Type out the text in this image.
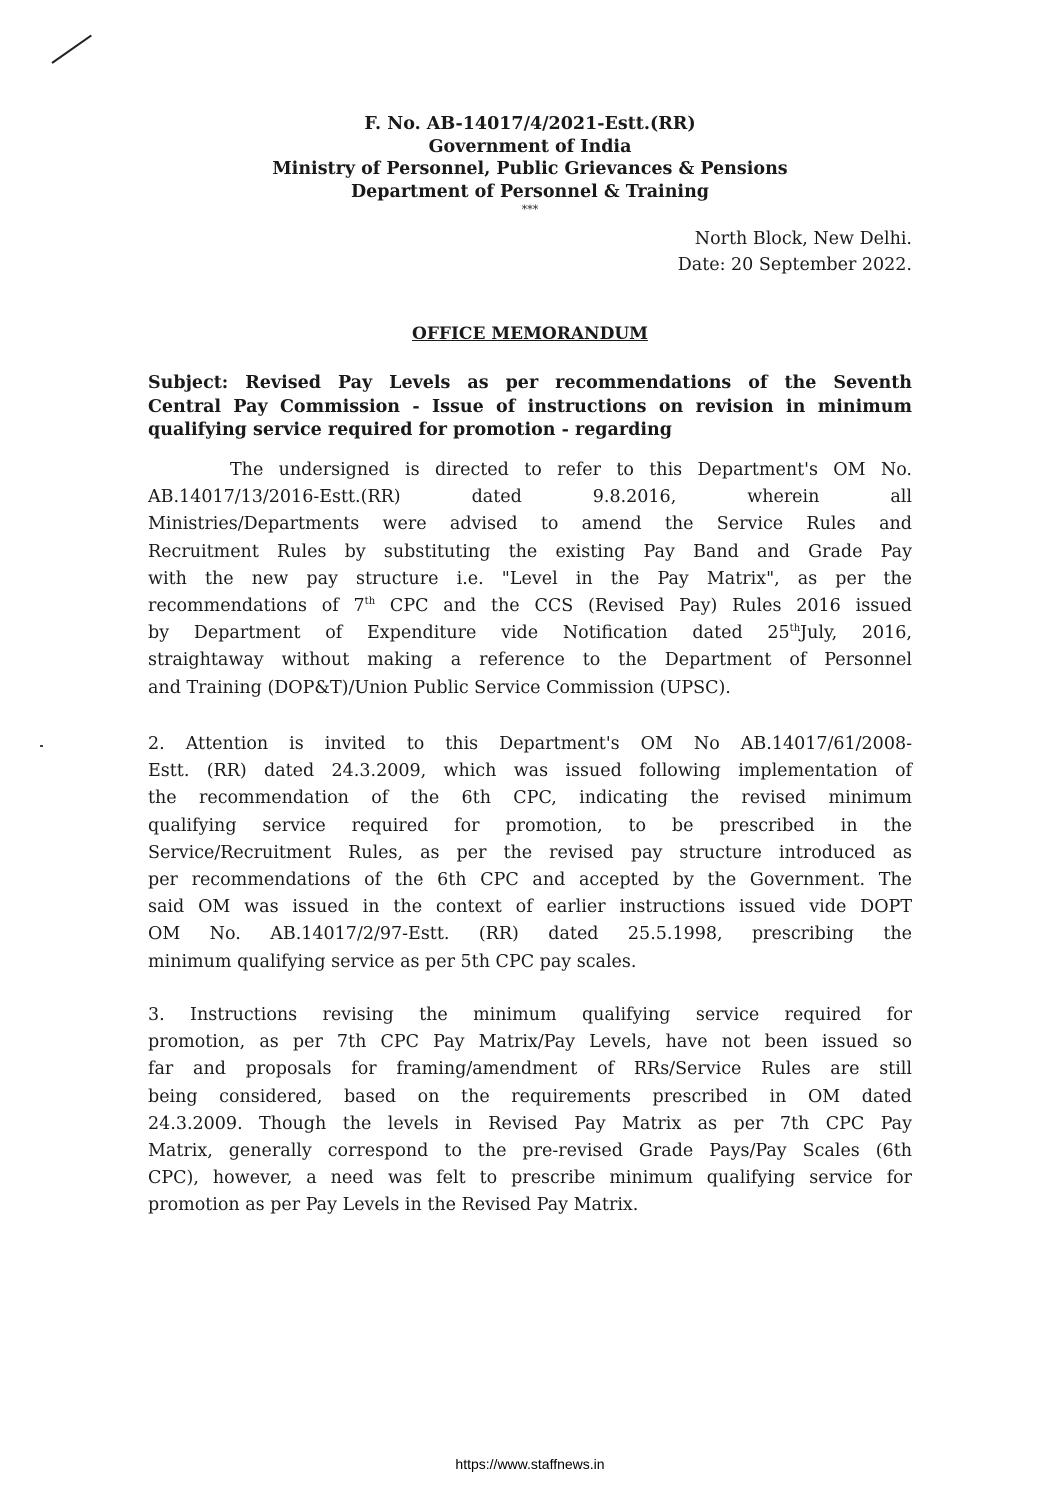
F. No. AB-14017/4/2021-Estt.(RR)
Government of India
Ministry of Personnel, Public Grievances & Pensions
Department of Personnel & Training
***
North Block, New Delhi.
Date: 20 September 2022.
OFFICE MEMORANDUM
Subject: Revised Pay Levels as per recommendations of the Seventh
Central Pay Commission - Issue of instructions on revision in minimum
qualifying service required for promotion - regarding
The undersigned is directed to refer to this Department's OM No.
AB.14017/13/2016-Estt.(RR) dated 9.8.2016, wherein all
Ministries/Departments were advised to amend the Service Rules and
Recruitment Rules by substituting the existing Pay Band and Grade Pay
with the new pay structure i.e. "Level in the Pay Matrix", as per the
recommendations of 7th CPC and the CCS (Revised Pay) Rules 2016 issued
by Department of Expenditure vide Notification dated 25thJuly, 2016,
straightaway without making a reference to the Department of Personnel
and Training (DOP&T)/Union Public Service Commission (UPSC).
2. Attention is invited to this Department's OM No AB.14017/61/2008-
Estt. (RR) dated 24.3.2009, which was issued following implementation of
the recommendation of the 6th CPC, indicating the revised minimum
qualifying service required for promotion, to be prescribed in the
Service/Recruitment Rules, as per the revised pay structure introduced as
per recommendations of the 6th CPC and accepted by the Government. The
said OM was issued in the context of earlier instructions issued vide DOPT
OM No. AB.14017/2/97-Estt. (RR) dated 25.5.1998, prescribing the
minimum qualifying service as per 5th CPC pay scales.
3. Instructions revising the minimum qualifying service required for
promotion, as per 7th CPC Pay Matrix/Pay Levels, have not been issued so
far and proposals for framing/amendment of RRs/Service Rules are still
being considered, based on the requirements prescribed in OM dated
24.3.2009. Though the levels in Revised Pay Matrix as per 7th CPC Pay
Matrix, generally correspond to the pre-revised Grade Pays/Pay Scales (6th
CPC), however, a need was felt to prescribe minimum qualifying service for
promotion as per Pay Levels in the Revised Pay Matrix.
https://www.staffnews.in
